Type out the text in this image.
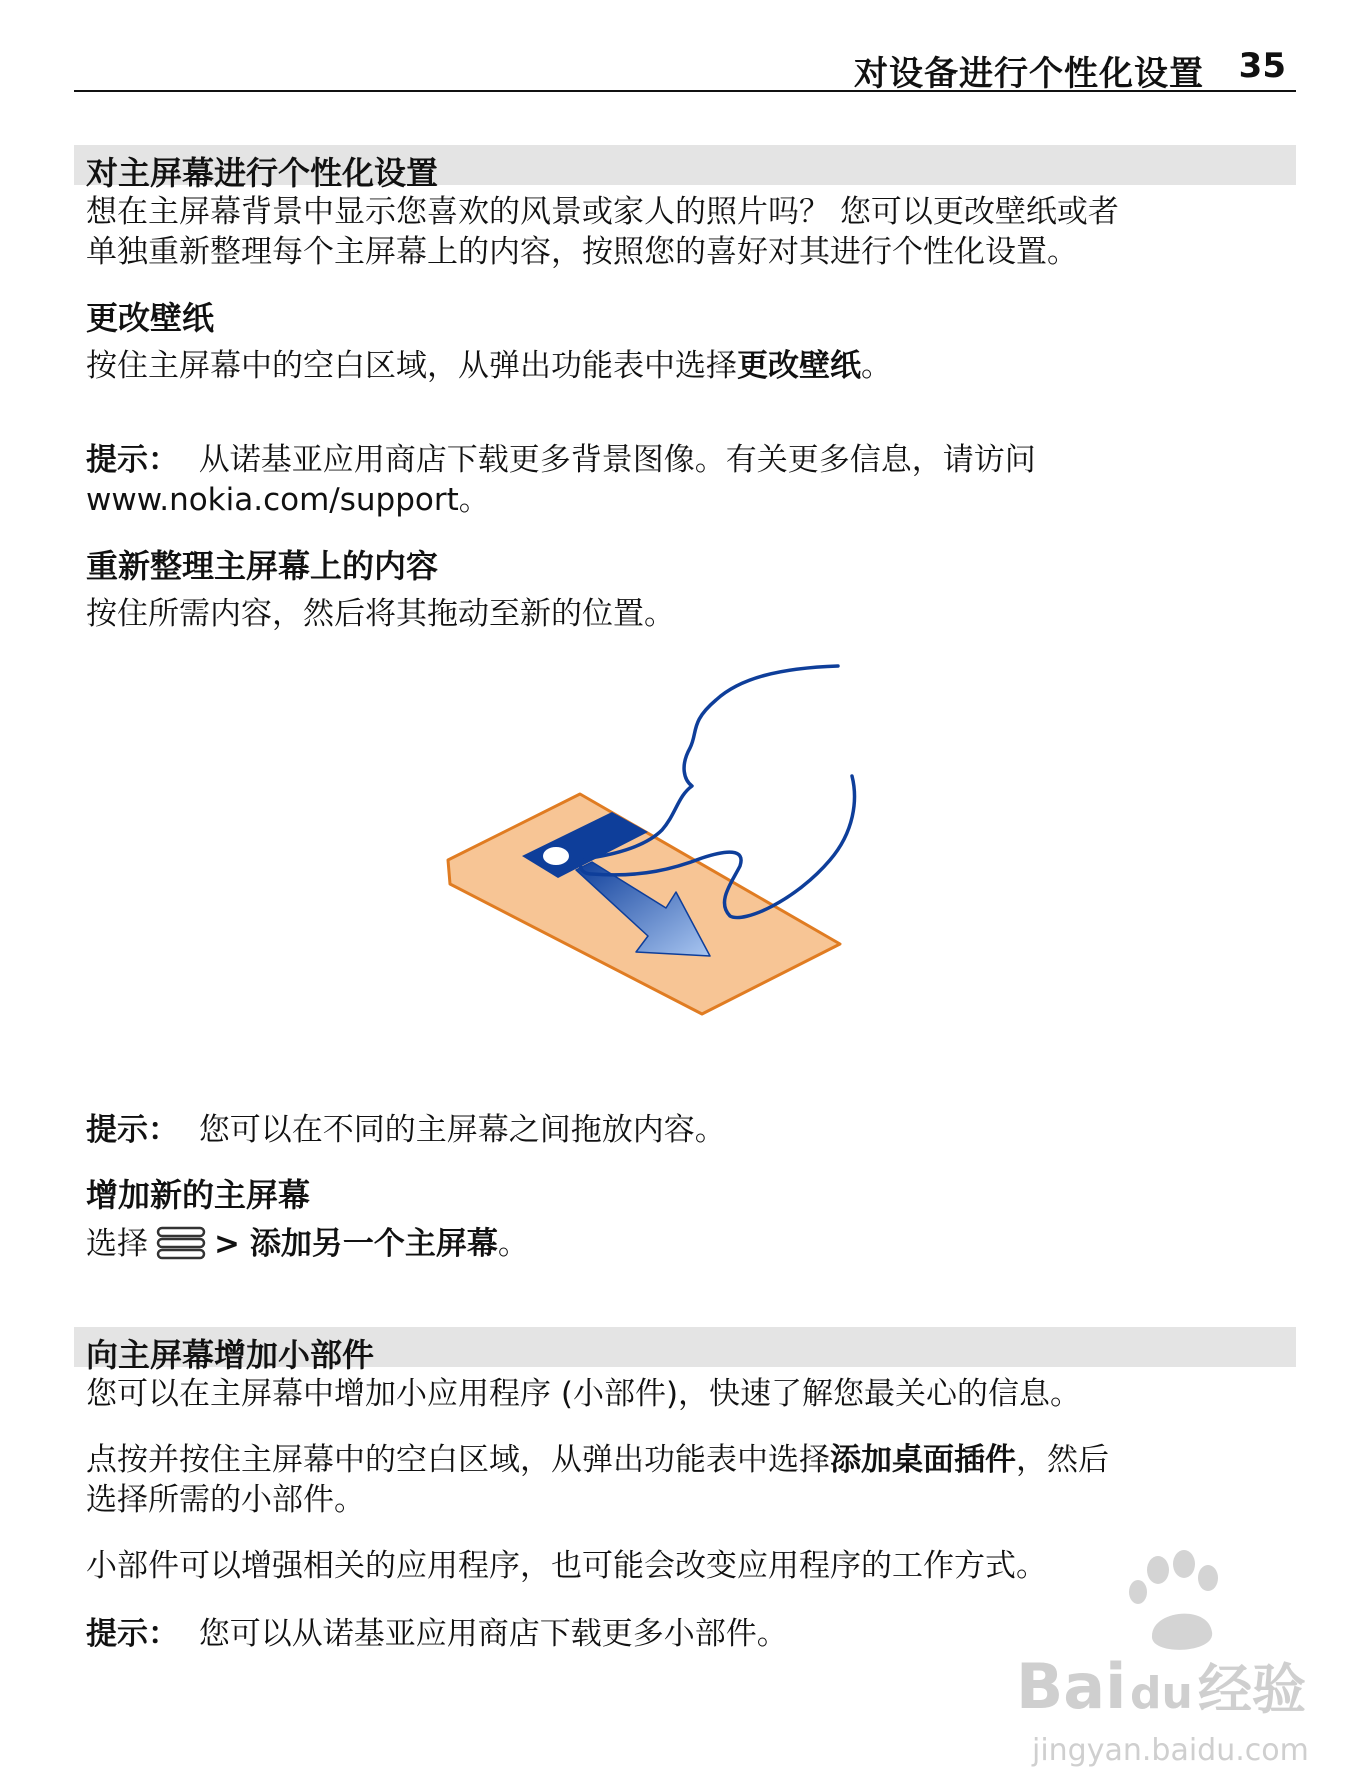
对设备进行个性化设置 35
对主屏幕进行个性化设置
想在主屏幕背景中显示您喜欢的风景或家人的照片吗？ 您可以更改壁纸或者
单独重新整理每个主屏幕上的内容，按照您的喜好对其进行个性化设置。
更改壁纸
按住主屏幕中的空白区域，从弹出功能表中选择更改壁纸。
提示： 从诺基亚应用商店下载更多背景图像。有关更多信息，请访问
www.nokia.com/support。
重新整理主屏幕上的内容
按住所需内容，然后将其拖动至新的位置。
提示： 您可以在不同的主屏幕之间拖放内容。
增加新的主屏幕
选择 > 添加另一个主屏幕。
向主屏幕增加小部件
您可以在主屏幕中增加小应用程序 (小部件)，快速了解您最关心的信息。
点按并按住主屏幕中的空白区域，从弹出功能表中选择添加桌面插件，然后
选择所需的小部件。
小部件可以增强相关的应用程序，也可能会改变应用程序的工作方式。
提示： 您可以从诺基亚应用商店下载更多小部件。
Bai du 经验
jingyan.baidu.com
